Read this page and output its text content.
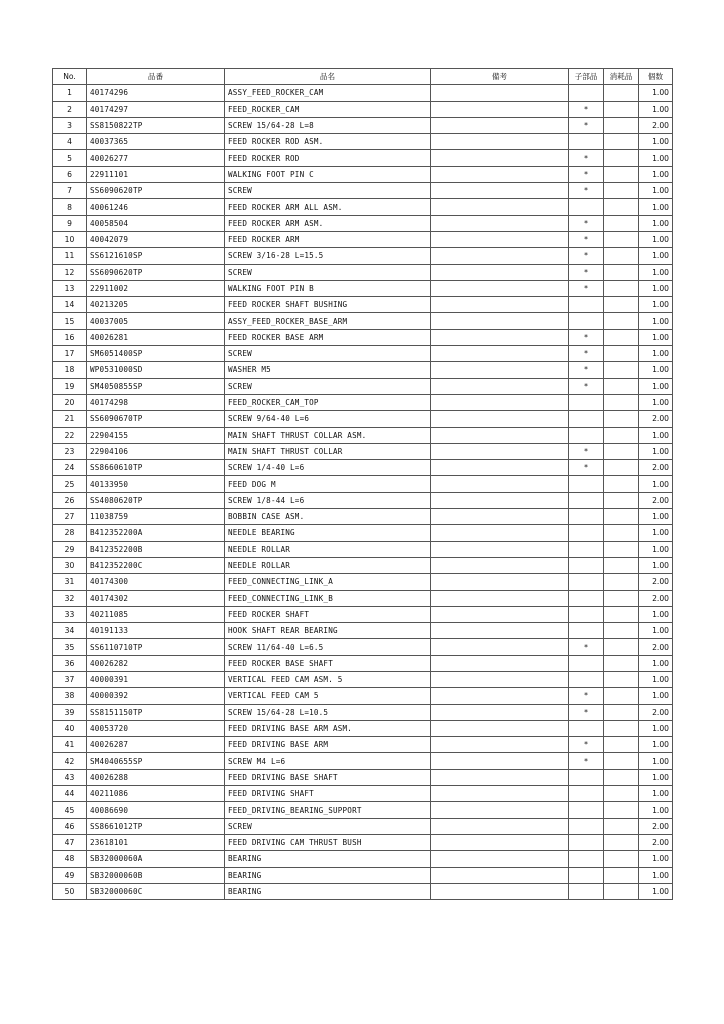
No.	品番	品名	備考	子部品	消耗品	個数
1	40174296	ASSY_FEED_ROCKER_CAM				1.00
2	40174297	FEED_ROCKER_CAM		*		1.00
3	SS8150822TP	SCREW 15/64-28 L=8		*		2.00
4	40037365	FEED ROCKER ROD ASM.				1.00
5	40026277	FEED ROCKER ROD		*		1.00
6	22911101	WALKING FOOT PIN C		*		1.00
7	SS6090620TP	SCREW		*		1.00
8	40061246	FEED ROCKER ARM ALL ASM.				1.00
9	40058504	FEED ROCKER ARM ASM.		*		1.00
10	40042079	FEED ROCKER ARM		*		1.00
11	SS6121610SP	SCREW 3/16-28 L=15.5		*		1.00
12	SS6090620TP	SCREW		*		1.00
13	22911002	WALKING FOOT PIN B		*		1.00
14	40213205	FEED ROCKER SHAFT BUSHING				1.00
15	40037005	ASSY_FEED_ROCKER_BASE_ARM				1.00
16	40026281	FEED ROCKER BASE ARM		*		1.00
17	SM6051400SP	SCREW		*		1.00
18	WP0531000SD	WASHER M5		*		1.00
19	SM4050855SP	SCREW		*		1.00
20	40174298	FEED_ROCKER_CAM_TOP				1.00
21	SS6090670TP	SCREW 9/64-40 L=6				2.00
22	22904155	MAIN SHAFT THRUST COLLAR ASM.				1.00
23	22904106	MAIN SHAFT THRUST COLLAR		*		1.00
24	SS8660610TP	SCREW 1/4-40 L=6		*		2.00
25	40133950	FEED DOG M				1.00
26	SS4080620TP	SCREW 1/8-44 L=6				2.00
27	11038759	BOBBIN CASE ASM.				1.00
28	B412352200A	NEEDLE BEARING				1.00
29	B412352200B	NEEDLE ROLLAR				1.00
30	B412352200C	NEEDLE ROLLAR				1.00
31	40174300	FEED_CONNECTING_LINK_A				2.00
32	40174302	FEED_CONNECTING_LINK_B				2.00
33	40211085	FEED ROCKER SHAFT				1.00
34	40191133	HOOK SHAFT REAR BEARING				1.00
35	SS6110710TP	SCREW 11/64-40 L=6.5		*		2.00
36	40026282	FEED ROCKER BASE SHAFT				1.00
37	40000391	VERTICAL FEED CAM ASM. 5				1.00
38	40000392	VERTICAL FEED CAM 5		*		1.00
39	SS8151150TP	SCREW 15/64-28 L=10.5		*		2.00
40	40053720	FEED DRIVING BASE ARM ASM.				1.00
41	40026287	FEED DRIVING BASE ARM		*		1.00
42	SM4040655SP	SCREW M4 L=6		*		1.00
43	40026288	FEED DRIVING BASE SHAFT				1.00
44	40211086	FEED DRIVING SHAFT				1.00
45	40086690	FEED_DRIVING_BEARING_SUPPORT				1.00
46	SS8661012TP	SCREW				2.00
47	23618101	FEED DRIVING CAM THRUST BUSH				2.00
48	SB32000060A	BEARING				1.00
49	SB32000060B	BEARING				1.00
50	SB32000060C	BEARING				1.00
